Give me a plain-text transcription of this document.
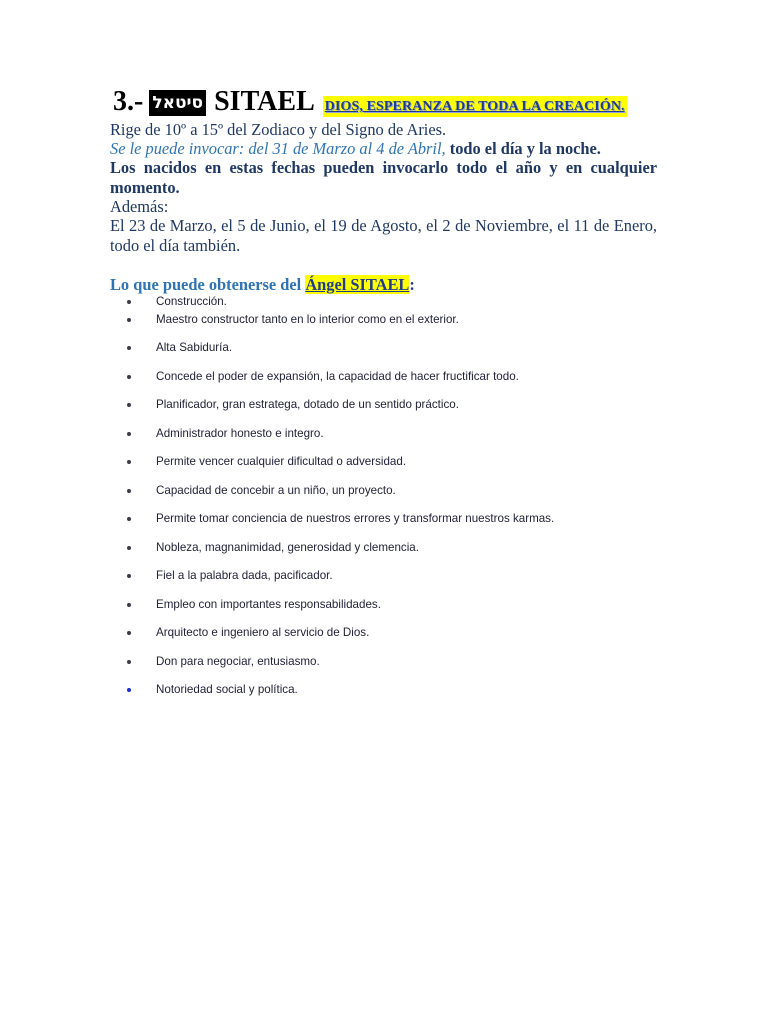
3.- סיטאל SITAEL DIOS, ESPERANZA DE TODA LA CREACIÓN.
Rige de 10º a 15º del Zodiaco y del Signo de Aries.
Se le puede invocar: del 31 de Marzo al 4 de Abril, todo el día y la noche.
Los nacidos en estas fechas pueden invocarlo todo el año y en cualquier momento.
Además:
El 23 de Marzo, el 5 de Junio, el 19 de Agosto, el 2 de Noviembre, el 11 de Enero, todo el día también.
Lo que puede obtenerse del Ángel SITAEL:
Construcción.
Maestro constructor tanto en lo interior como en el exterior.
Alta Sabiduría.
Concede el poder de expansión, la capacidad de hacer fructificar todo.
Planificador, gran estratega, dotado de un sentido práctico.
Administrador honesto e integro.
Permite vencer cualquier dificultad o adversidad.
Capacidad de concebir a un niño, un proyecto.
Permite tomar conciencia de nuestros errores y transformar nuestros karmas.
Nobleza, magnanimidad, generosidad y clemencia.
Fiel a la palabra dada, pacificador.
Empleo con importantes responsabilidades.
Arquitecto e ingeniero al servicio de Dios.
Don para negociar, entusiasmo.
Notoriedad social y política.
